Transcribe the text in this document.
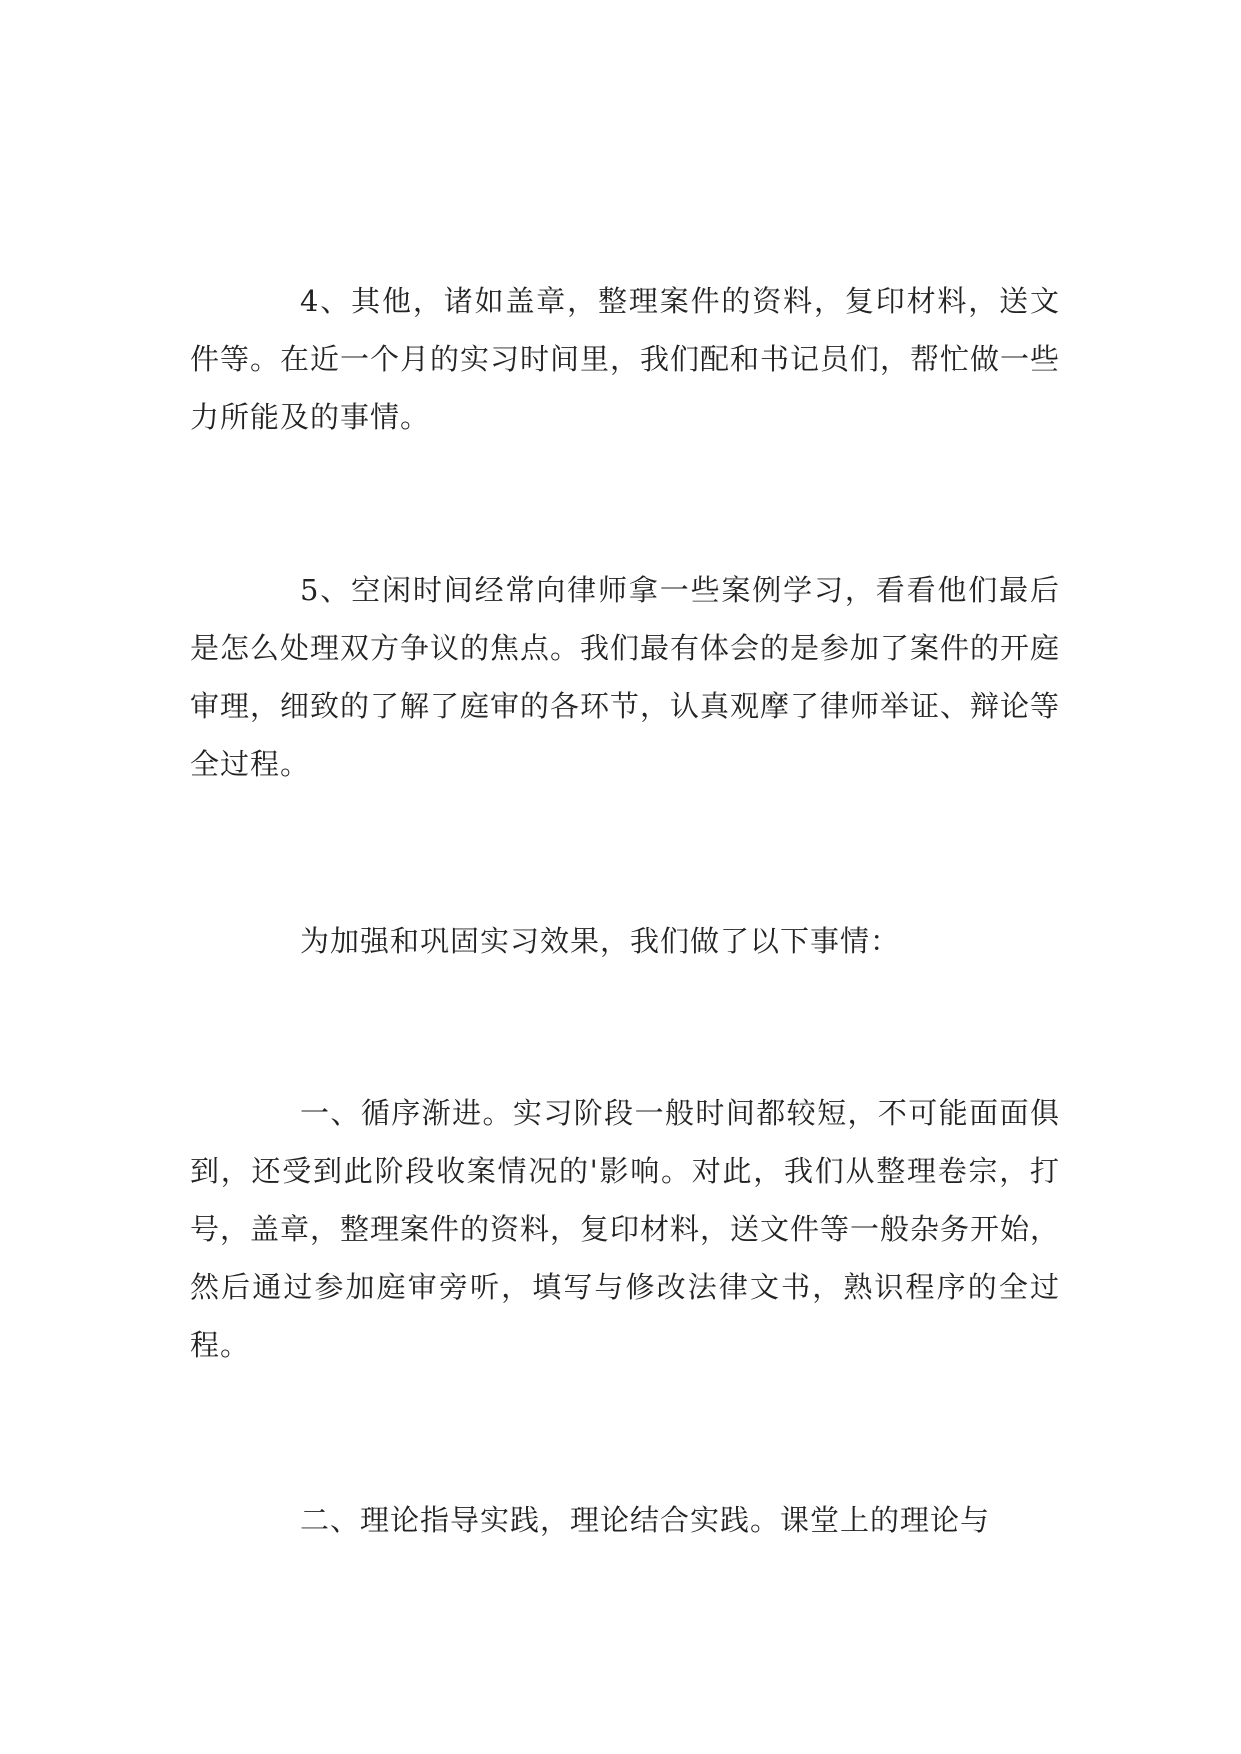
4、其他，诸如盖章，整理案件的资料，复印材料，送文件等。在近一个月的实习时间里，我们配和书记员们，帮忙做一些力所能及的事情。

5、空闲时间经常向律师拿一些案例学习，看看他们最后是怎么处理双方争议的焦点。我们最有体会的是参加了案件的开庭审理，细致的了解了庭审的各环节，认真观摩了律师举证、辩论等全过程。

为加强和巩固实习效果，我们做了以下事情：

一、循序渐进。实习阶段一般时间都较短，不可能面面俱到，还受到此阶段收案情况的'影响。对此，我们从整理卷宗，打号，盖章，整理案件的资料，复印材料，送文件等一般杂务开始，然后通过参加庭审旁听，填写与修改法律文书，熟识程序的全过程。

二、理论指导实践，理论结合实践。课堂上的理论与
